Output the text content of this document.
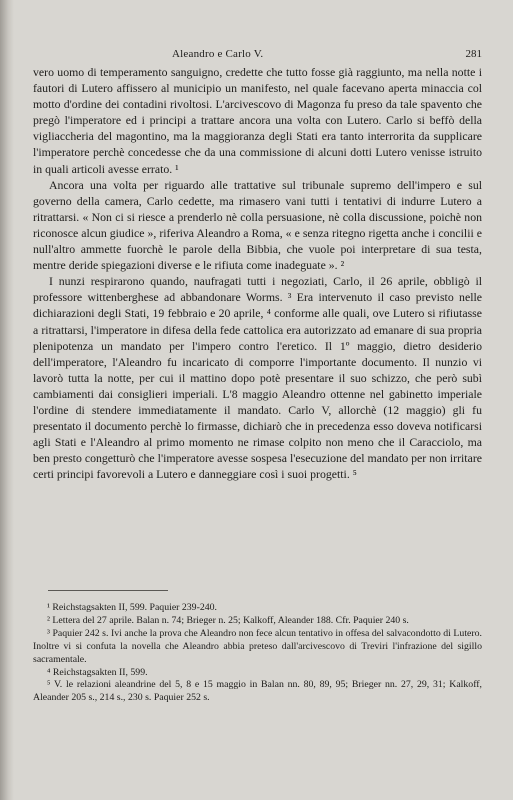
Aleandro e Carlo V.	281

vero uomo di temperamento sanguigno, credette che tutto fosse già raggiunto, ma nella notte i fautori di Lutero affissero al municipio un manifesto, nel quale facevano aperta minaccia col motto d'ordine dei contadini rivoltosi. L'arcivescovo di Magonza fu preso da tale spavento che pregò l'imperatore ed i principi a trattare ancora una volta con Lutero. Carlo si beffò della vigliaccheria del magontino, ma la maggioranza degli Stati era tanto interrorita da supplicare l'imperatore perchè concedesse che da una commissione di alcuni dotti Lutero venisse istruito in quali articoli avesse errato. ¹

Ancora una volta per riguardo alle trattative sul tribunale supremo dell'impero e sul governo della camera, Carlo cedette, ma rimasero vani tutti i tentativi di indurre Lutero a ritrattarsi. « Non ci si riesce a prenderlo nè colla persuasione, nè colla discussione, poichè non riconosce alcun giudice », riferiva Aleandro a Roma, « e senza ritegno rigetta anche i concilii e null'altro ammette fuorchè le parole della Bibbia, che vuole poi interpretare di sua testa, mentre deride spiegazioni diverse e le rifiuta come inadeguate ». ²

I nunzi respirarono quando, naufragati tutti i negoziati, Carlo, il 26 aprile, obbligò il professore wittenberghese ad abbandonare Worms. ³ Era intervenuto il caso previsto nelle dichiarazioni degli Stati, 19 febbraio e 20 aprile, ⁴ conforme alle quali, ove Lutero si rifiutasse a ritrattarsi, l'imperatore in difesa della fede cattolica era autorizzato ad emanare di sua propria plenipotenza un mandato per l'impero contro l'eretico. Il 1º maggio, dietro desiderio dell'imperatore, l'Aleandro fu incaricato di comporre l'importante documento. Il nunzio vi lavorò tutta la notte, per cui il mattino dopo potè presentare il suo schizzo, che però subì cambiamenti dai consiglieri imperiali. L'8 maggio Aleandro ottenne nel gabinetto imperiale l'ordine di stendere immediatamente il mandato. Carlo V, allorchè (12 maggio) gli fu presentato il documento perchè lo firmasse, dichiarò che in precedenza esso doveva notificarsi agli Stati e l'Aleandro al primo momento ne rimase colpito non meno che il Caracciolo, ma ben presto congetturò che l'imperatore avesse sospesa l'esecuzione del mandato per non irritare certi principi favorevoli a Lutero e danneggiare così i suoi progetti. ⁵

¹ Reichstagsakten II, 599. Paquier 239-240.

² Lettera del 27 aprile. Balan n. 74; Brieger n. 25; Kalkoff, Aleander 188. Cfr. Paquier 240 s.

³ Paquier 242 s. Ivi anche la prova che Aleandro non fece alcun tentativo in offesa del salvacondotto di Lutero. Inoltre vi si confuta la novella che Aleandro abbia preteso dall'arcivescovo di Treviri l'infrazione del sigillo sacramentale.

⁴ Reichstagsakten II, 599.

⁵ V. le relazioni aleandrine del 5, 8 e 15 maggio in Balan nn. 80, 89, 95; Brieger nn. 27, 29, 31; Kalkoff, Aleander 205 s., 214 s., 230 s. Paquier 252 s.
